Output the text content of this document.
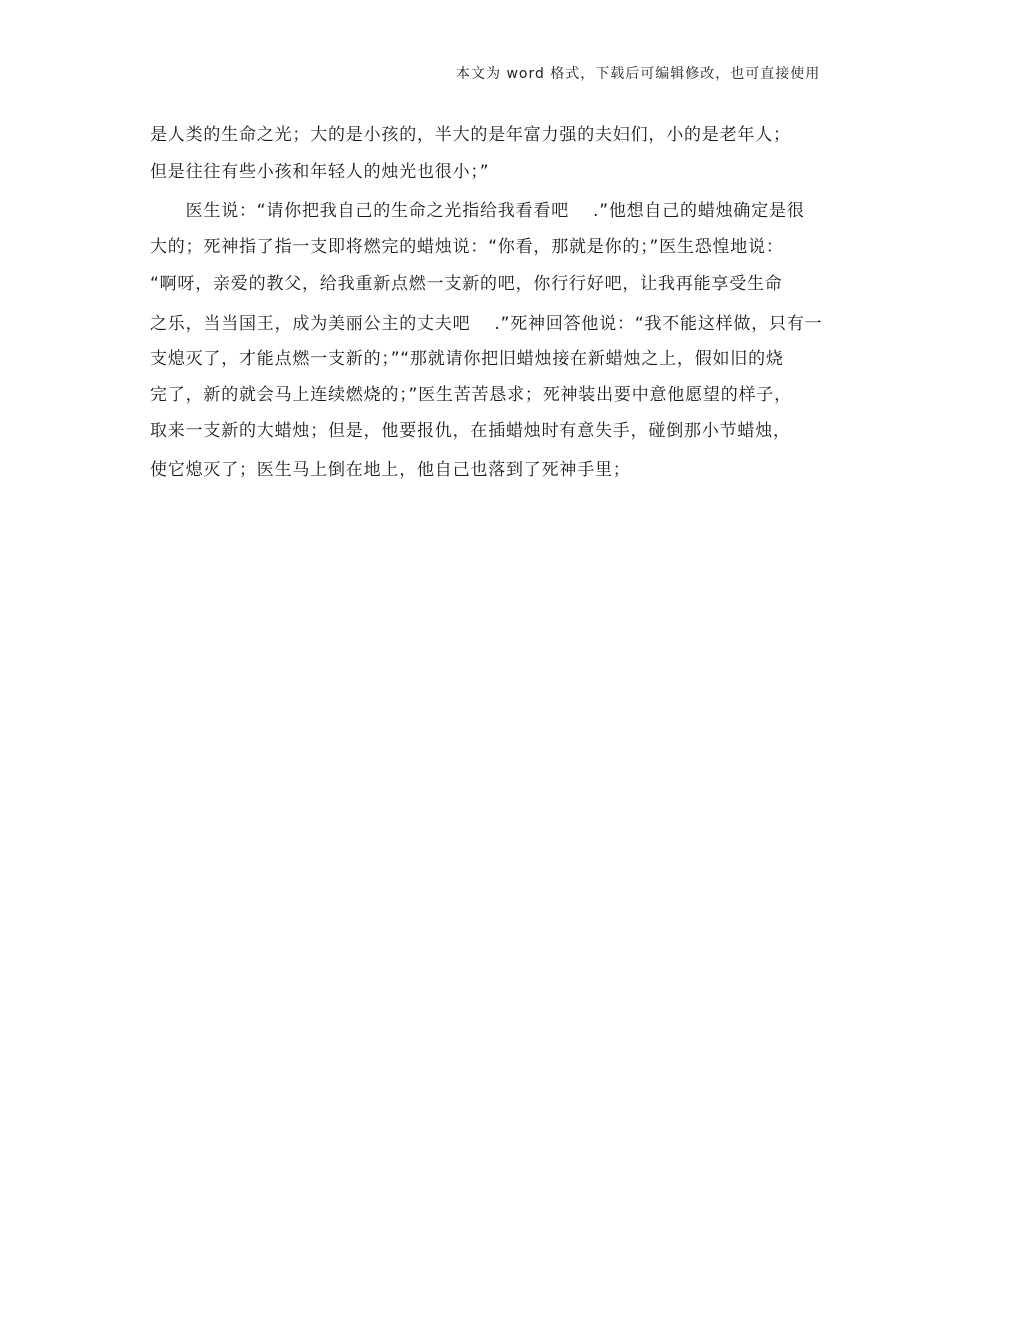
本文为 word 格式，下载后可编辑修改，也可直接使用
是人类的生命之光；大的是小孩的，半大的是年富力强的夫妇们，小的是老年人；
但是往往有些小孩和年轻人的烛光也很小；”
　　医生说：“请你把我自己的生命之光指给我看看吧　 .”他想自己的蜡烛确定是很
大的；死神指了指一支即将燃完的蜡烛说：“你看，那就是你的；”医生恐惶地说：
“啊呀，亲爱的教父，给我重新点燃一支新的吧，你行行好吧，让我再能享受生命
之乐，当当国王，成为美丽公主的丈夫吧　 .”死神回答他说：“我不能这样做，只有一
支熄灭了，才能点燃一支新的；”“那就请你把旧蜡烛接在新蜡烛之上，假如旧的烧
完了，新的就会马上连续燃烧的；”医生苦苦恳求；死神装出要中意他愿望的样子，
取来一支新的大蜡烛；但是，他要报仇，在插蜡烛时有意失手，碰倒那小节蜡烛，
使它熄灭了；医生马上倒在地上，他自己也落到了死神手里；
